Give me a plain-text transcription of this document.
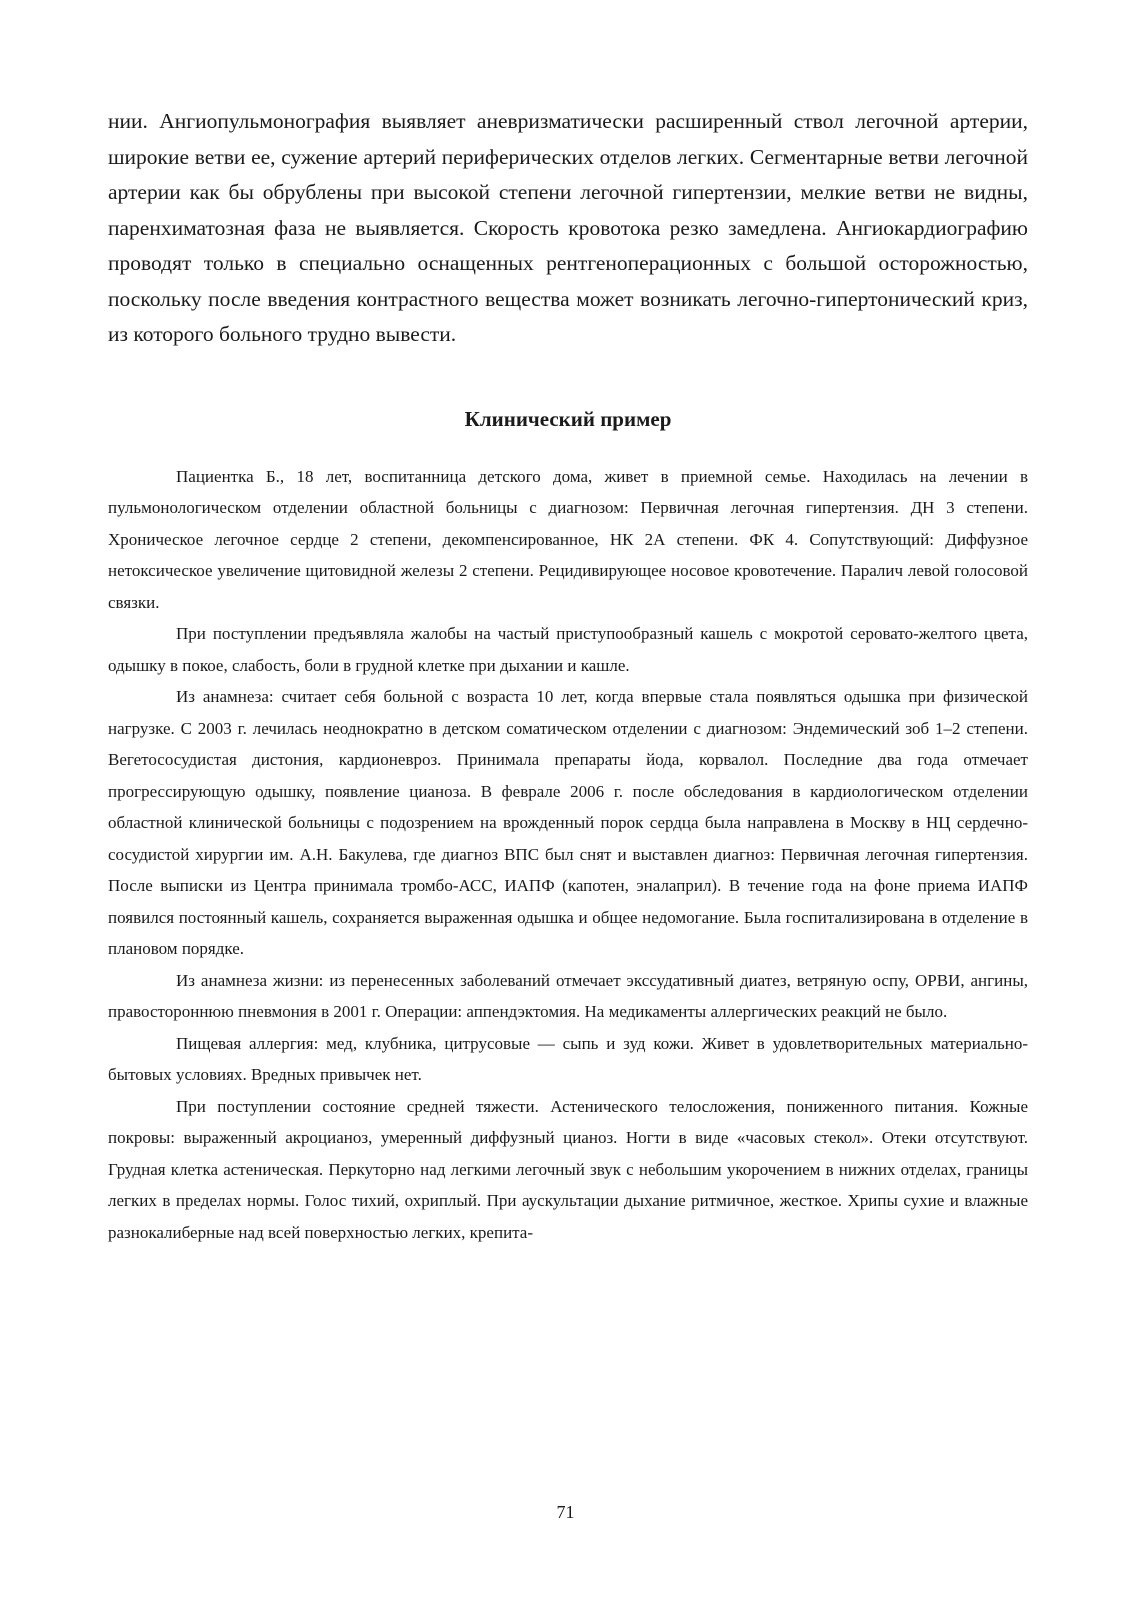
нии. Ангиопульмонография выявляет аневризматически расширенный ствол легочной артерии, широкие ветви ее, сужение артерий периферических отделов легких. Сегментарные ветви легочной артерии как бы обрублены при высокой степени легочной гипертензии, мелкие ветви не видны, паренхиматозная фаза не выявляется. Скорость кровотока резко замедлена. Ангиокардиографию проводят только в специально оснащенных рентгеноперационных с большой осторожностью, поскольку после введения контрастного вещества может возникать легочно-гипертонический криз, из которого больного трудно вывести.

Клинический пример

Пациентка Б., 18 лет, воспитанница детского дома, живет в приемной семье. Находилась на лечении в пульмонологическом отделении областной больницы с диагнозом: Первичная легочная гипертензия. ДН 3 степени. Хроническое легочное сердце 2 степени, декомпенсированное, НК 2А степени. ФК 4. Сопутствующий: Диффузное нетоксическое увеличение щитовидной железы 2 степени. Рецидивирующее носовое кровотечение. Паралич левой голосовой связки.

При поступлении предъявляла жалобы на частый приступообразный кашель с мокротой серовато-желтого цвета, одышку в покое, слабость, боли в грудной клетке при дыхании и кашле.

Из анамнеза: считает себя больной с возраста 10 лет, когда впервые стала появляться одышка при физической нагрузке. С 2003 г. лечилась неоднократно в детском соматическом отделении с диагнозом: Эндемический зоб 1–2 степени. Вегетососудистая дистония, кардионевроз. Принимала препараты йода, корвалол. Последние два года отмечает прогрессирующую одышку, появление цианоза. В феврале 2006 г. после обследования в кардиологическом отделении областной клинической больницы с подозрением на врожденный порок сердца была направлена в Москву в НЦ сердечно-сосудистой хирургии им. А.Н. Бакулева, где диагноз ВПС был снят и выставлен диагноз: Первичная легочная гипертензия. После выписки из Центра принимала тромбо-АСС, ИАПФ (капотен, эналаприл). В течение года на фоне приема ИАПФ появился постоянный кашель, сохраняется выраженная одышка и общее недомогание. Была госпитализирована в отделение в плановом порядке.

Из анамнеза жизни: из перенесенных заболеваний отмечает экссудативный диатез, ветряную оспу, ОРВИ, ангины, правостороннюю пневмония в 2001 г. Операции: аппендэктомия. На медикаменты аллергических реакций не было.

Пищевая аллергия: мед, клубника, цитрусовые — сыпь и зуд кожи. Живет в удовлетворительных материально-бытовых условиях. Вредных привычек нет.

При поступлении состояние средней тяжести. Астенического телосложения, пониженного питания. Кожные покровы: выраженный акроцианоз, умеренный диффузный цианоз. Ногти в виде «часовых стекол». Отеки отсутствуют. Грудная клетка астеническая. Перкуторно над легкими легочный звук с небольшим укорочением в нижних отделах, границы легких в пределах нормы. Голос тихий, охриплый. При аускультации дыхание ритмичное, жесткое. Хрипы сухие и влажные разнокалиберные над всей поверхностью легких, крепита-

71
